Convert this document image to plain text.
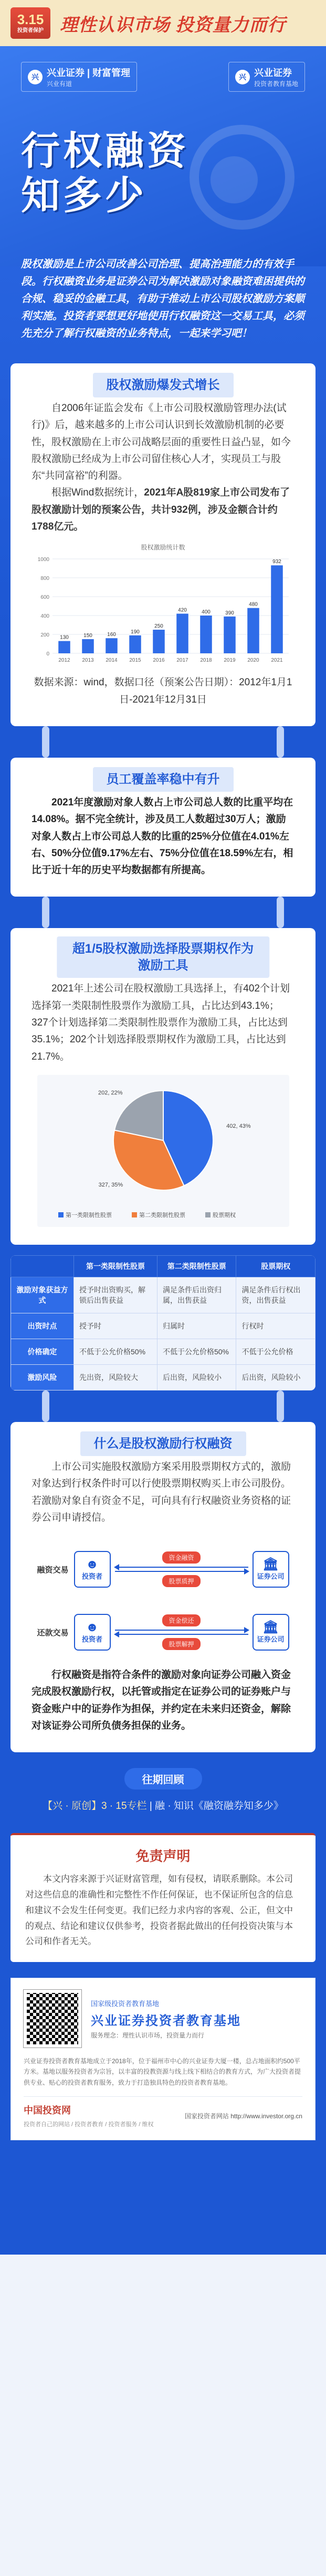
3.15
投资者保护 理性认识市场 投资量力而行
兴 兴业证券 | 财富管理
兴业有道
兴 兴业证券
投资者教育基地
行权融资
知多少
股权激励是上市公司改善公司治理、提高治理能力的有效手段。行权融资业务是证券公司为解决激励对象融资难困提供的合规、稳妥的金融工具，有助于推动上市公司股权激励方案顺利实施。投资者要想更好地使用行权融资这一交易工具，必须先充分了解行权融资的业务特点，一起来学习吧！
股权激励爆发式增长

自2006年证监会发布《上市公司股权激励管理办法(试行)》后，越来越多的上市公司认识到长效激励机制的必要性，股权激励在上市公司战略层面的重要性日益凸显，如今股权激励已经成为上市公司留住核心人才，实现员工与股东“共同富裕”的利器。

根据Wind数据统计，2021年A股819家上市公司发布了股权激励计划的预案公告，共计932例，涉及金额合计约1788亿元。

股权激励统计数
0
200
400
600
800
1000
130
2012
150
2013
160
2014
190
2015
250
2016
420
2017
400
2018
390
2019
480
2020
932
2021

数据来源：wind，数据口径（预案公告日期）：2012年1月1日-2021年12月31日

员工覆盖率稳中有升

2021年度激励对象人数占上市公司总人数的比重平均在14.08%。据不完全统计，涉及员工人数超过30万人；激励对象人数占上市公司总人数的比重的25%分位值在4.01%左右、50%分位值9.17%左右、75%分位值在18.59%左右，相比于近十年的历史平均数据都有所提高。

超1/5股权激励选择股票期权作为
激励工具

2021年上述公司在股权激励工具选择上，有402个计划选择第一类限制性股票作为激励工具，占比达到43.1%；327个计划选择第二类限制性股票作为激励工具，占比达到35.1%；202个计划选择股票期权作为激励工具，占比达到21.7%。

402, 43%
327, 35%
202, 22%
第一类限制性股票	第二类限制性股票	股票期权
	第一类限制性股票	第二类限制性股票	股票期权
激励对象获益方式	授予时出资购买，解锁后出售获益	满足条件后出资归属，出售获益	满足条件后行权出资，出售获益
出资时点	授予时	归属时	行权时
价格确定	不低于公允价格50%	不低于公允价格50%	不低于公允价格
激励风险	先出资，风险较大	后出资，风险较小	后出资，风险较小
什么是股权激励行权融资

上市公司实施股权激励方案采用股票期权方式的，激励对象达到行权条件时可以行使股票期权购买上市公司股份。若激励对象自有资金不足，可向具有行权融资业务资格的证券公司申请授信。

融资交易	☻
投资者
资金融资
股票质押
🏛
证券公司
还款交易	☻
投资者
资金偿还
股票解押
🏛
证券公司

行权融资是指符合条件的激励对象向证券公司融入资金完成股权激励行权，以托管或指定在证券公司的证券账户与资金账户中的证券作为担保，并约定在未来归还资金，解除对该证券公司所负债务担保的业务。

往期回顾
【兴 · 原创】3 · 15专栏 | 融 · 知识《融资融券知多少》
免责声明

本文内容来源于兴证财富管理，如有侵权，请联系删除。本公司对这些信息的准确性和完整性不作任何保证，也不保证所包含的信息和建议不会发生任何变更。我们已经力求内容的客观、公正，但文中的观点、结论和建议仅供参考，投资者据此做出的任何投资决策与本公司和作者无关。

国家级投资者教育基地
兴业证券投资者教育基地
服务理念：理性认识市场，投资量力而行
兴业证券投资者教育基地成立于2018年，位于福州市中心的兴业证券大厦一楼，总占地面积约500平方米。基地以服务投资者为宗旨，以丰富的投教资源与线上线下相结合的教育方式，为广大投资者提供专业、贴心的投资者教育服务，致力于打造独具特色的投资者教育基地。
中国投资网
投资者自己的网站 / 投资者教育 / 投资者服务 / 维权
国家投资者网站 http://www.investor.org.cn
